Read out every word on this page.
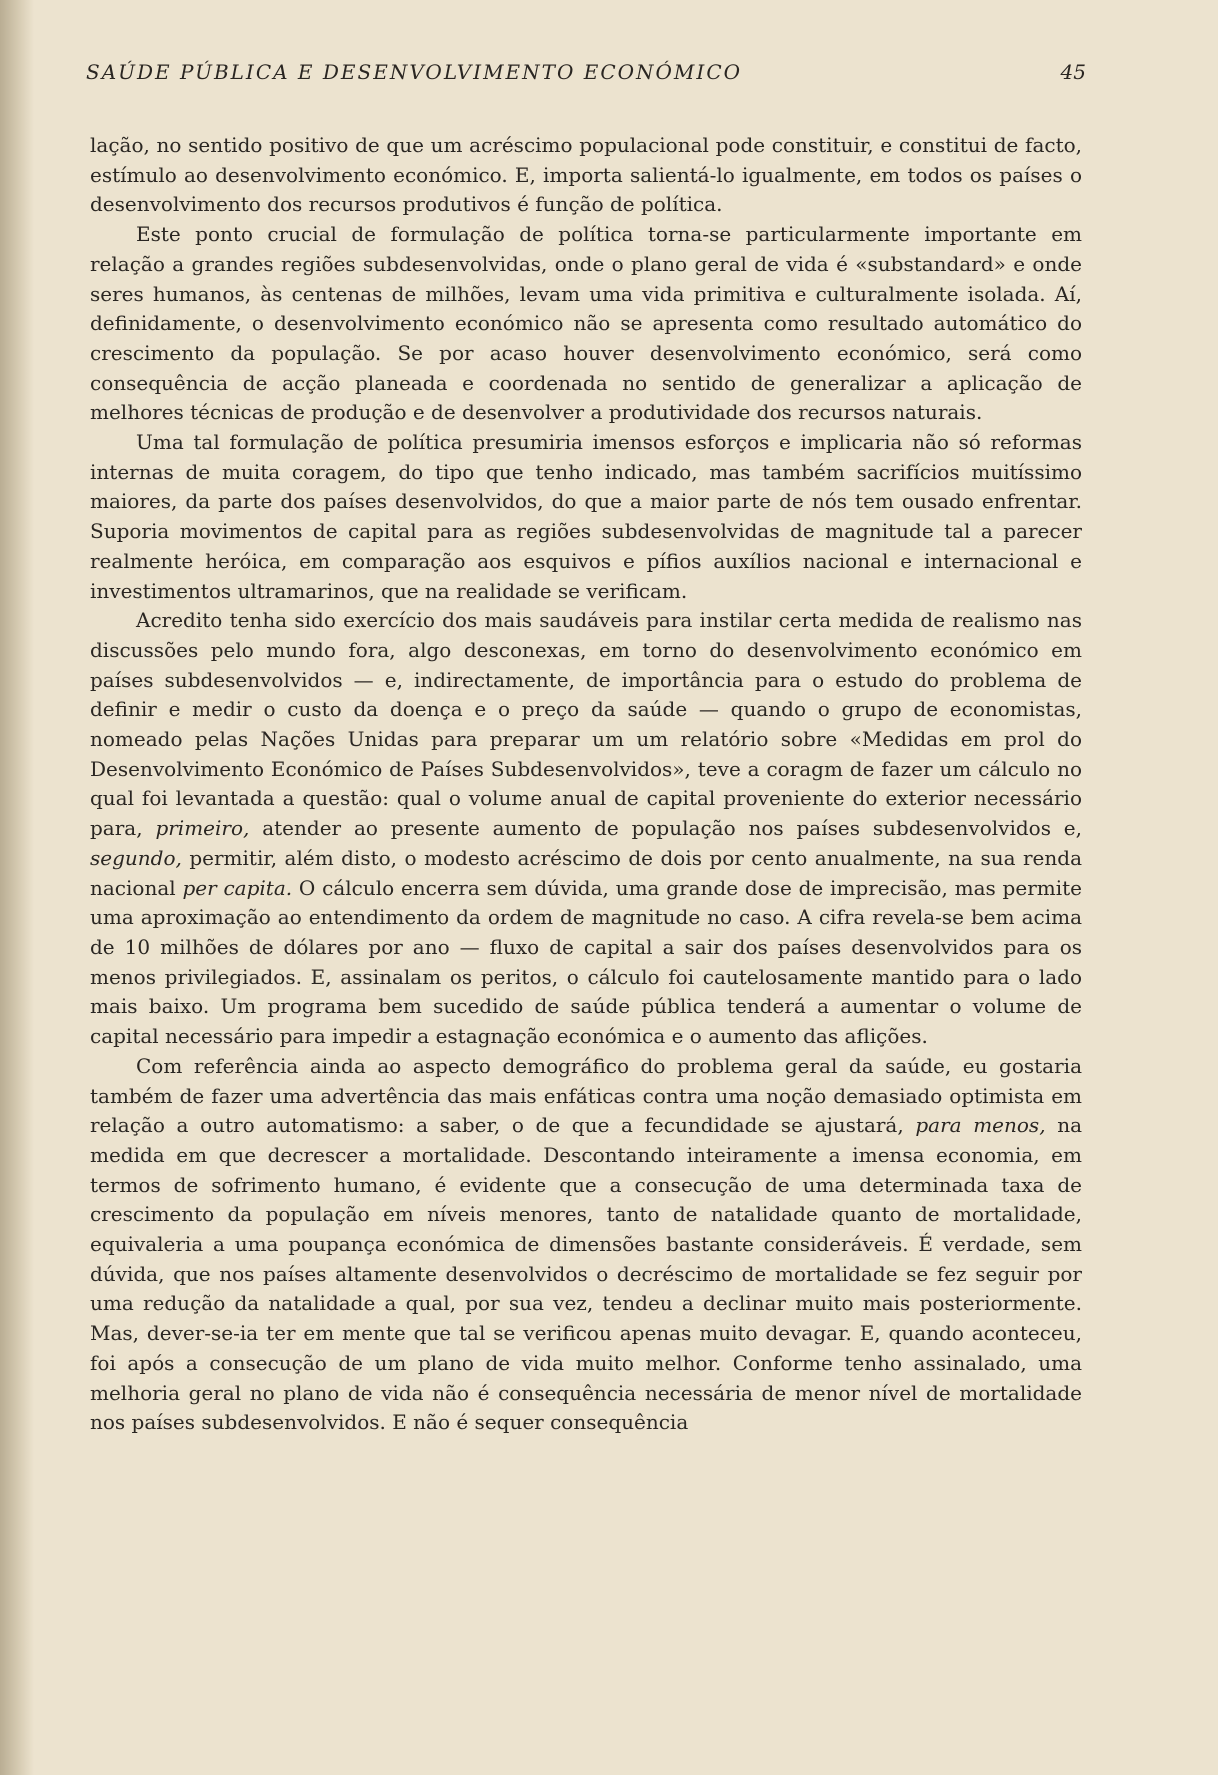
SAÚDE PÚBLICA E DESENVOLVIMENTO ECONÓMICO	45

lação, no sentido positivo de que um acréscimo populacional pode constituir, e constitui de facto, estímulo ao desenvolvimento económico. E, importa salientá-lo igualmente, em todos os países o desenvolvimento dos recursos produtivos é função de política.

Este ponto crucial de formulação de política torna-se particularmente importante em relação a grandes regiões subdesenvolvidas, onde o plano geral de vida é «substandard» e onde seres humanos, às centenas de milhões, levam uma vida primitiva e culturalmente isolada. Aí, definidamente, o desenvolvimento económico não se apresenta como resultado automático do crescimento da população. Se por acaso houver desenvolvimento económico, será como consequência de acção planeada e coordenada no sentido de generalizar a aplicação de melhores técnicas de produção e de desenvolver a produtividade dos recursos naturais.

Uma tal formulação de política presumiria imensos esforços e implicaria não só reformas internas de muita coragem, do tipo que tenho indicado, mas também sacrifícios muitíssimo maiores, da parte dos países desenvolvidos, do que a maior parte de nós tem ousado enfrentar. Suporia movimentos de capital para as regiões subdesenvolvidas de magnitude tal a parecer realmente heróica, em comparação aos esquivos e pífios auxílios nacional e internacional e investimentos ultramarinos, que na realidade se verificam.

Acredito tenha sido exercício dos mais saudáveis para instilar certa medida de realismo nas discussões pelo mundo fora, algo desconexas, em torno do desenvolvimento económico em países subdesenvolvidos — e, indirectamente, de importância para o estudo do problema de definir e medir o custo da doença e o preço da saúde — quando o grupo de economistas, nomeado pelas Nações Unidas para preparar um um relatório sobre «Medidas em prol do Desenvolvimento Económico de Países Subdesenvolvidos», teve a coragm de fazer um cálculo no qual foi levantada a questão: qual o volume anual de capital proveniente do exterior necessário para, primeiro, atender ao presente aumento de população nos países subdesenvolvidos e, segundo, permitir, além disto, o modesto acréscimo de dois por cento anualmente, na sua renda nacional per capita. O cálculo encerra sem dúvida, uma grande dose de imprecisão, mas permite uma aproximação ao entendimento da ordem de magnitude no caso. A cifra revela-se bem acima de 10 milhões de dólares por ano — fluxo de capital a sair dos países desenvolvidos para os menos privilegiados. E, assinalam os peritos, o cálculo foi cautelosamente mantido para o lado mais baixo. Um programa bem sucedido de saúde pública tenderá a aumentar o volume de capital necessário para impedir a estagnação económica e o aumento das aflições.

Com referência ainda ao aspecto demográfico do problema geral da saúde, eu gostaria também de fazer uma advertência das mais enfáticas contra uma noção demasiado optimista em relação a outro automatismo: a saber, o de que a fecundidade se ajustará, para menos, na medida em que decrescer a mortalidade. Descontando inteiramente a imensa economia, em termos de sofrimento humano, é evidente que a consecução de uma determinada taxa de crescimento da população em níveis menores, tanto de natalidade quanto de mortalidade, equivaleria a uma poupança económica de dimensões bastante consideráveis. É verdade, sem dúvida, que nos países altamente desenvolvidos o decréscimo de mortalidade se fez seguir por uma redução da natalidade a qual, por sua vez, tendeu a declinar muito mais posteriormente. Mas, dever-se-ia ter em mente que tal se verificou apenas muito devagar. E, quando aconteceu, foi após a consecução de um plano de vida muito melhor. Conforme tenho assinalado, uma melhoria geral no plano de vida não é consequência necessária de menor nível de mortalidade nos países subdesenvolvidos. E não é sequer consequência
